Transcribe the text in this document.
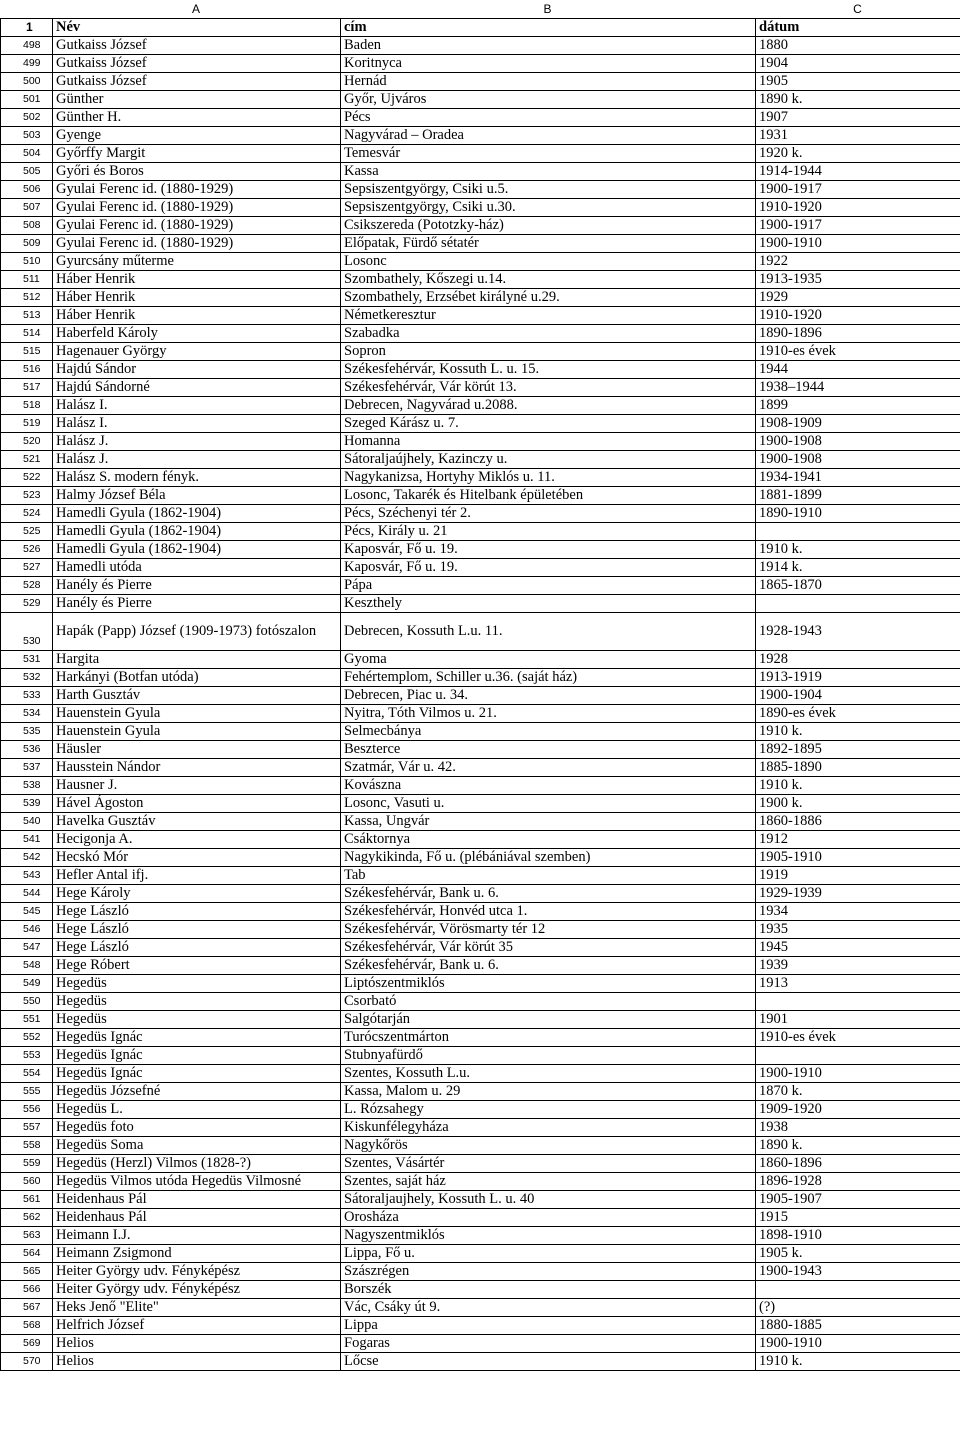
A	B	C
1	Név	cím	dátum
498	Gutkaiss József	Baden	1880
499	Gutkaiss József	Koritnyca	1904
500	Gutkaiss József	Hernád	1905
501	Günther	Győr, Ujváros	1890 k.
502	Günther H.	Pécs	1907
503	Gyenge	Nagyvárad – Oradea	1931
504	Győrffy Margit	Temesvár	1920 k.
505	Győri és Boros	Kassa	1914-1944
506	Gyulai Ferenc id. (1880-1929)	Sepsiszentgyörgy, Csiki u.5.	1900-1917
507	Gyulai Ferenc id. (1880-1929)	Sepsiszentgyörgy, Csiki u.30.	1910-1920
508	Gyulai Ferenc id. (1880-1929)	Csikszereda (Pototzky-ház)	1900-1917
509	Gyulai Ferenc id. (1880-1929)	Előpatak, Fürdő sétatér	1900-1910
510	Gyurcsány műterme	Losonc	1922
511	Háber Henrik	Szombathely, Kőszegi u.14.	1913-1935
512	Háber Henrik	Szombathely, Erzsébet királyné u.29.	1929
513	Háber Henrik	Németkeresztur	1910-1920
514	Haberfeld Károly	Szabadka	1890-1896
515	Hagenauer György	Sopron	1910-es évek
516	Hajdú Sándor	Székesfehérvár, Kossuth L. u. 15.	1944
517	Hajdú Sándorné	Székesfehérvár, Vár körút 13.	1938–1944
518	Halász I.	Debrecen, Nagyvárad u.2088.	1899
519	Halász I.	Szeged Kárász u. 7.	1908-1909
520	Halász J.	Homanna	1900-1908
521	Halász J.	Sátoraljaújhely, Kazinczy u.	1900-1908
522	Halász S. modern fényk.	Nagykanizsa, Hortyhy Miklós u. 11.	1934-1941
523	Halmy József Béla	Losonc, Takarék és Hitelbank épületében	1881-1899
524	Hamedli Gyula (1862-1904)	Pécs, Széchenyi tér 2.	1890-1910
525	Hamedli Gyula (1862-1904)	Pécs, Király u. 21	
526	Hamedli Gyula (1862-1904)	Kaposvár, Fő u. 19.	1910 k.
527	Hamedli utóda	Kaposvár, Fő u. 19.	1914 k.
528	Hanély és Pierre	Pápa	1865-1870
529	Hanély és Pierre	Keszthely	
530	Hapák (Papp) József (1909-1973) fotószalon	Debrecen, Kossuth L.u. 11.	1928-1943
531	Hargita	Gyoma	1928
532	Harkányi (Botfan utóda)	Fehértemplom, Schiller u.36. (saját ház)	1913-1919
533	Harth Gusztáv	Debrecen, Piac u. 34.	1900-1904
534	Hauenstein Gyula	Nyitra, Tóth Vilmos u. 21.	1890-es évek
535	Hauenstein Gyula	Selmecbánya	1910 k.
536	Häusler	Beszterce	1892-1895
537	Hausstein Nándor	Szatmár, Vár u. 42.	1885-1890
538	Hausner J.	Kovászna	1910 k.
539	Hável Ágoston	Losonc, Vasuti u.	1900 k.
540	Havelka Gusztáv	Kassa, Ungvár	1860-1886
541	Hecigonja A.	Csáktornya	1912
542	Hecskó Mór	Nagykikinda, Fő u. (plébániával szemben)	1905-1910
543	Hefler Antal ifj.	Tab	1919
544	Hege Károly	Székesfehérvár, Bank u. 6.	1929-1939
545	Hege László	Székesfehérvár, Honvéd utca 1.	1934
546	Hege László	Székesfehérvár, Vörösmarty tér 12	1935
547	Hege László	Székesfehérvár, Vár körút 35	1945
548	Hege Róbert	Székesfehérvár, Bank u. 6.	1939
549	Hegedüs	Liptószentmiklós	1913
550	Hegedüs	Csorbató	
551	Hegedüs	Salgótarján	1901
552	Hegedüs Ignác	Turócszentmárton	1910-es évek
553	Hegedüs Ignác	Stubnyafürdő	
554	Hegedüs Ignác	Szentes, Kossuth L.u.	1900-1910
555	Hegedüs Józsefné	Kassa, Malom u. 29	1870 k.
556	Hegedüs L.	L. Rózsahegy	1909-1920
557	Hegedüs foto	Kiskunfélegyháza	1938
558	Hegedüs Soma	Nagykőrös	1890 k.
559	Hegedüs (Herzl) Vilmos (1828-?)	Szentes, Vásártér	1860-1896
560	Hegedüs Vilmos utóda Hegedüs Vilmosné	Szentes, saját ház	1896-1928
561	Heidenhaus Pál	Sátoraljaujhely, Kossuth L. u. 40	1905-1907
562	Heidenhaus Pál	Orosháza	1915
563	Heimann I.J.	Nagyszentmiklós	1898-1910
564	Heimann Zsigmond	Lippa, Fő u.	1905 k.
565	Heiter György udv. Fényképész	Szászrégen	1900-1943
566	Heiter György udv. Fényképész	Borszék	
567	Heks Jenő "Elite"	Vác, Csáky út 9.	(?)
568	Helfrich József	Lippa	1880-1885
569	Helios	Fogaras	1900-1910
570	Helios	Lőcse	1910 k.
